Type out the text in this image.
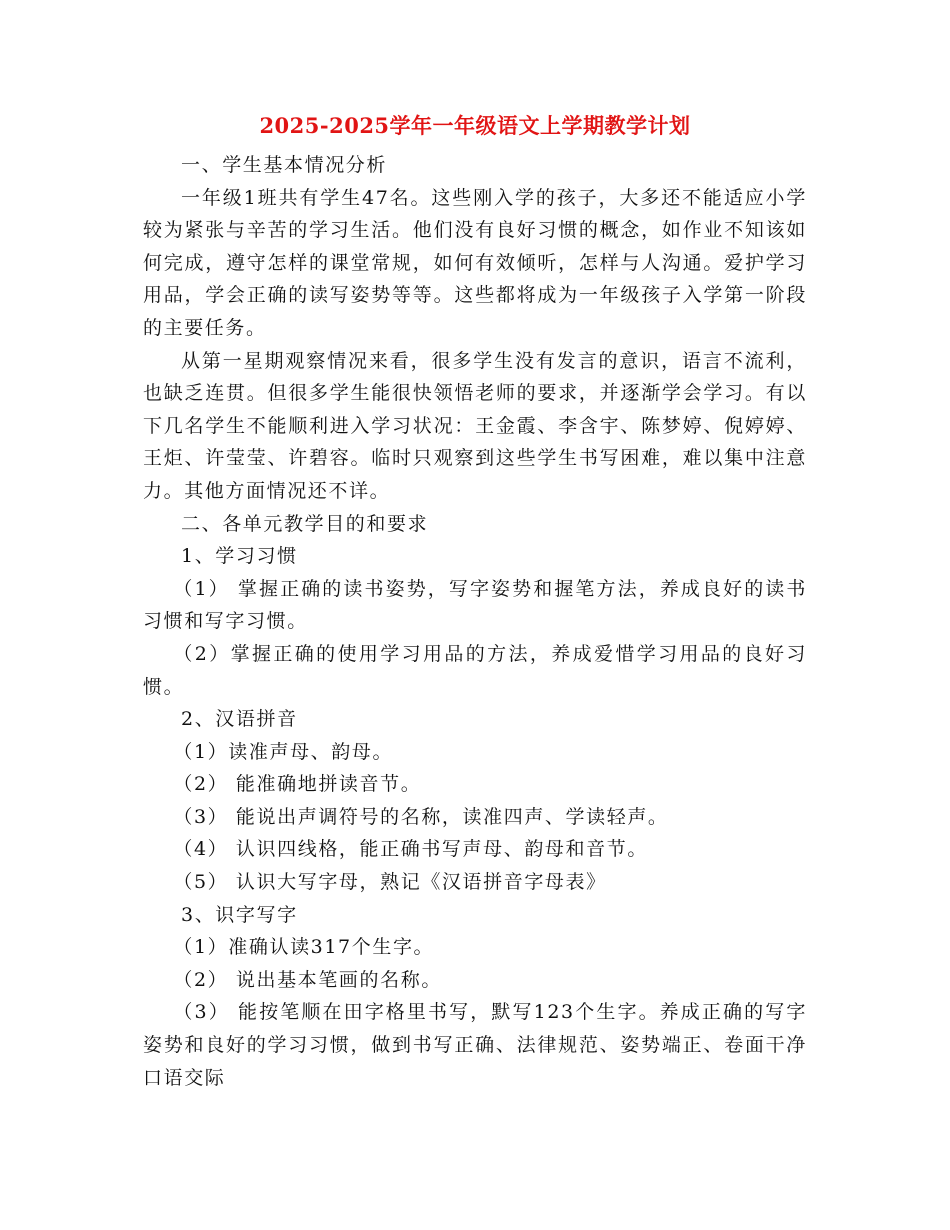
2025-2025学年一年级语文上学期教学计划

一、学生基本情况分析

一年级1班共有学生47名。这些刚入学的孩子，大多还不能适应小学较为紧张与辛苦的学习生活。他们没有良好习惯的概念，如作业不知该如何完成，遵守怎样的课堂常规，如何有效倾听，怎样与人沟通。爱护学习用品，学会正确的读写姿势等等。这些都将成为一年级孩子入学第一阶段的主要任务。

从第一星期观察情况来看，很多学生没有发言的意识，语言不流利，也缺乏连贯。但很多学生能很快领悟老师的要求，并逐渐学会学习。有以下几名学生不能顺利进入学习状况：王金霞、李含宇、陈梦婷、倪婷婷、王炬、许莹莹、许碧容。临时只观察到这些学生书写困难，难以集中注意力。其他方面情况还不详。

二、各单元教学目的和要求

1、学习习惯

（1） 掌握正确的读书姿势，写字姿势和握笔方法，养成良好的读书习惯和写字习惯。

（2）掌握正确的使用学习用品的方法，养成爱惜学习用品的良好习惯。

2、汉语拼音

（1）读准声母、韵母。

（2） 能准确地拼读音节。

（3） 能说出声调符号的名称，读准四声、学读轻声。

（4） 认识四线格，能正确书写声母、韵母和音节。

（5） 认识大写字母，熟记《汉语拼音字母表》

3、识字写字

（1）准确认读317个生字。

（2） 说出基本笔画的名称。

（3） 能按笔顺在田字格里书写，默写123个生字。养成正确的写字姿势和良好的学习习惯，做到书写正确、法律规范、姿势端正、卷面干净口语交际
